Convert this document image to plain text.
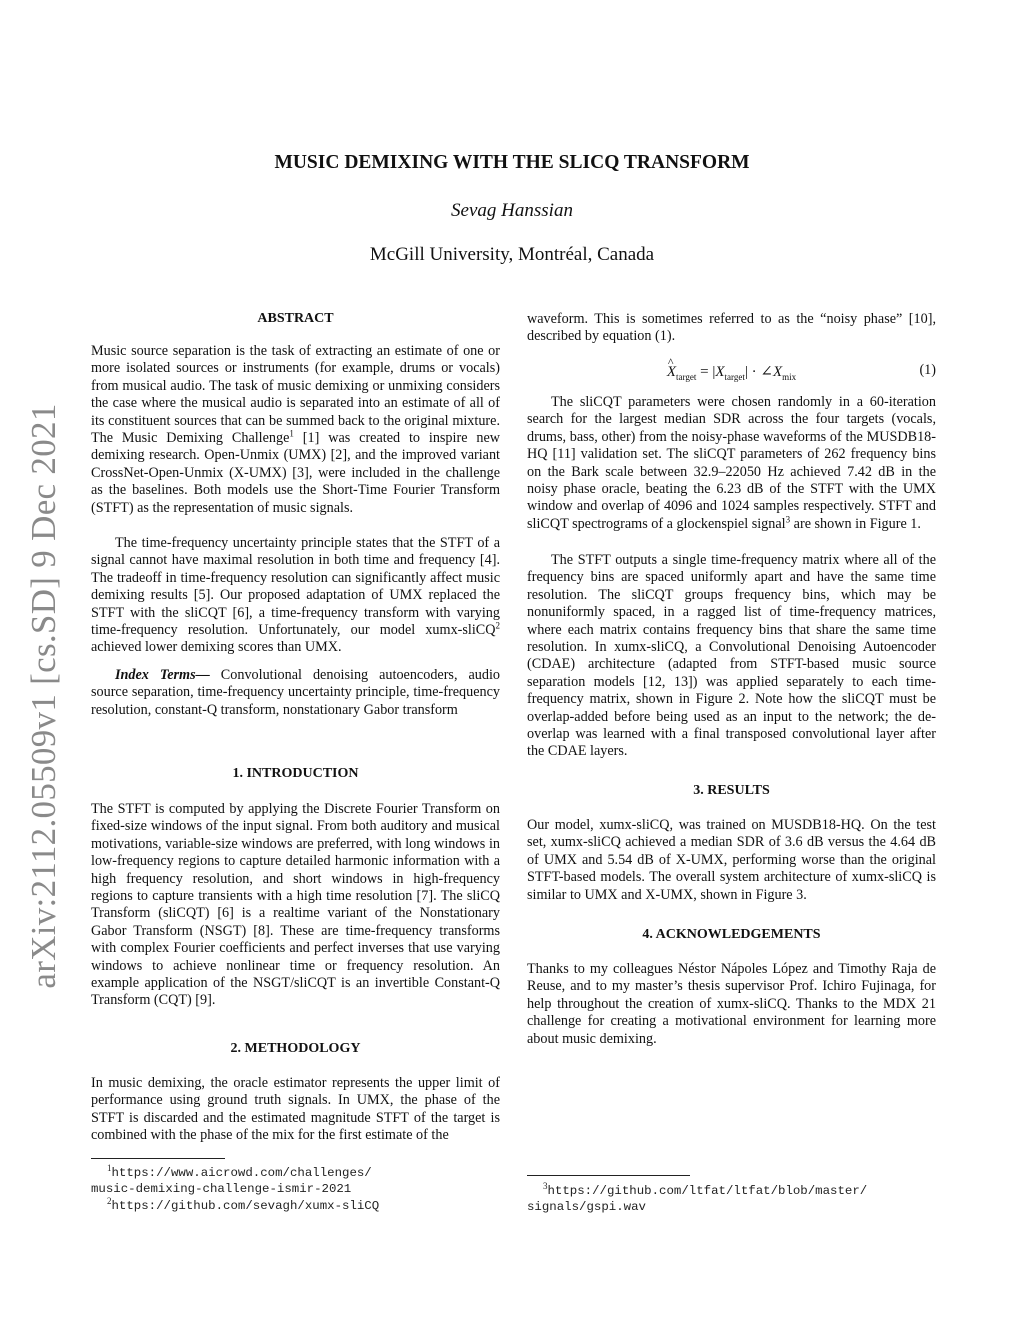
arXiv:2112.05509v1 [cs.SD] 9 Dec 2021
MUSIC DEMIXING WITH THE SLICQ TRANSFORM
Sevag Hanssian
McGill University, Montréal, Canada
ABSTRACT

Music source separation is the task of extracting an estimate of one or more isolated sources or instruments (for example, drums or vocals) from musical audio. The task of music demixing or unmixing considers the case where the musical audio is separated into an estimate of all of its constituent sources that can be summed back to the original mixture. The Music Demixing Challenge$^1$ [1] was created to inspire new demixing research. Open-Unmix (UMX) [2], and the improved variant CrossNet-Open-Unmix (X-UMX) [3], were included in the challenge as the baselines. Both models use the Short-Time Fourier Transform (STFT) as the representation of music signals.

The time-frequency uncertainty principle states that the STFT of a signal cannot have maximal resolution in both time and frequency [4]. The tradeoff in time-frequency resolution can significantly affect music demixing results [5]. Our proposed adaptation of UMX replaced the STFT with the sliCQT [6], a time-frequency transform with varying time-frequency resolution. Unfortunately, our model xumx-sliCQ$^2$ achieved lower demixing scores than UMX.

Index Terms— Convolutional denoising autoencoders, audio source separation, time-frequency uncertainty principle, time-frequency resolution, constant-Q transform, nonstationary Gabor transform

1. INTRODUCTION

The STFT is computed by applying the Discrete Fourier Transform on fixed-size windows of the input signal. From both auditory and musical motivations, variable-size windows are preferred, with long windows in low-frequency regions to capture detailed harmonic information with a high frequency resolution, and short windows in high-frequency regions to capture transients with a high time resolution [7]. The sliCQ Transform (sliCQT) [6] is a realtime variant of the Nonstationary Gabor Transform (NSGT) [8]. These are time-frequency transforms with complex Fourier coefficients and perfect inverses that use varying windows to achieve nonlinear time or frequency resolution. An example application of the NSGT/sliCQT is an invertible Constant-Q Transform (CQT) [9].

2. METHODOLOGY

In music demixing, the oracle estimator represents the upper limit of performance using ground truth signals. In UMX, the phase of the STFT is discarded and the estimated magnitude STFT of the target is combined with the phase of the mix for the first estimate of the

$^1$https://www.aicrowd.com/challenges/
music-demixing-challenge-ismir-2021

$^2$https://github.com/sevagh/xumx-sliCQ

waveform. This is sometimes referred to as the “noisy phase” [10], described by equation (1).

^ $X_{target} = |X_{target}|$ · $\angle X_{mix}$	(1)

The sliCQT parameters were chosen randomly in a 60-iteration search for the largest median SDR across the four targets (vocals, drums, bass, other) from the noisy-phase waveforms of the MUSDB18-HQ [11] validation set. The sliCQT parameters of 262 frequency bins on the Bark scale between 32.9–22050 Hz achieved 7.42 dB in the noisy phase oracle, beating the 6.23 dB of the STFT with the UMX window and overlap of 4096 and 1024 samples respectively. STFT and sliCQT spectrograms of a glockenspiel signal$^3$ are shown in Figure 1.

The STFT outputs a single time-frequency matrix where all of the frequency bins are spaced uniformly apart and have the same time resolution. The sliCQT groups frequency bins, which may be nonuniformly spaced, in a ragged list of time-frequency matrices, where each matrix contains frequency bins that share the same time resolution. In xumx-sliCQ, a Convolutional Denoising Autoencoder (CDAE) architecture (adapted from STFT-based music source separation models [12, 13]) was applied separately to each time-frequency matrix, shown in Figure 2. Note how the sliCQT must be overlap-added before being used as an input to the network; the de-overlap was learned with a final transposed convolutional layer after the CDAE layers.

3. RESULTS

Our model, xumx-sliCQ, was trained on MUSDB18-HQ. On the test set, xumx-sliCQ achieved a median SDR of 3.6 dB versus the 4.64 dB of UMX and 5.54 dB of X-UMX, performing worse than the original STFT-based models. The overall system architecture of xumx-sliCQ is similar to UMX and X-UMX, shown in Figure 3.

4. ACKNOWLEDGEMENTS

Thanks to my colleagues Néstor Nápoles López and Timothy Raja de Reuse, and to my master’s thesis supervisor Prof. Ichiro Fujinaga, for help throughout the creation of xumx-sliCQ. Thanks to the MDX 21 challenge for creating a motivational environment for learning more about music demixing.

$^3$https://github.com/ltfat/ltfat/blob/master/
signals/gspi.wav
